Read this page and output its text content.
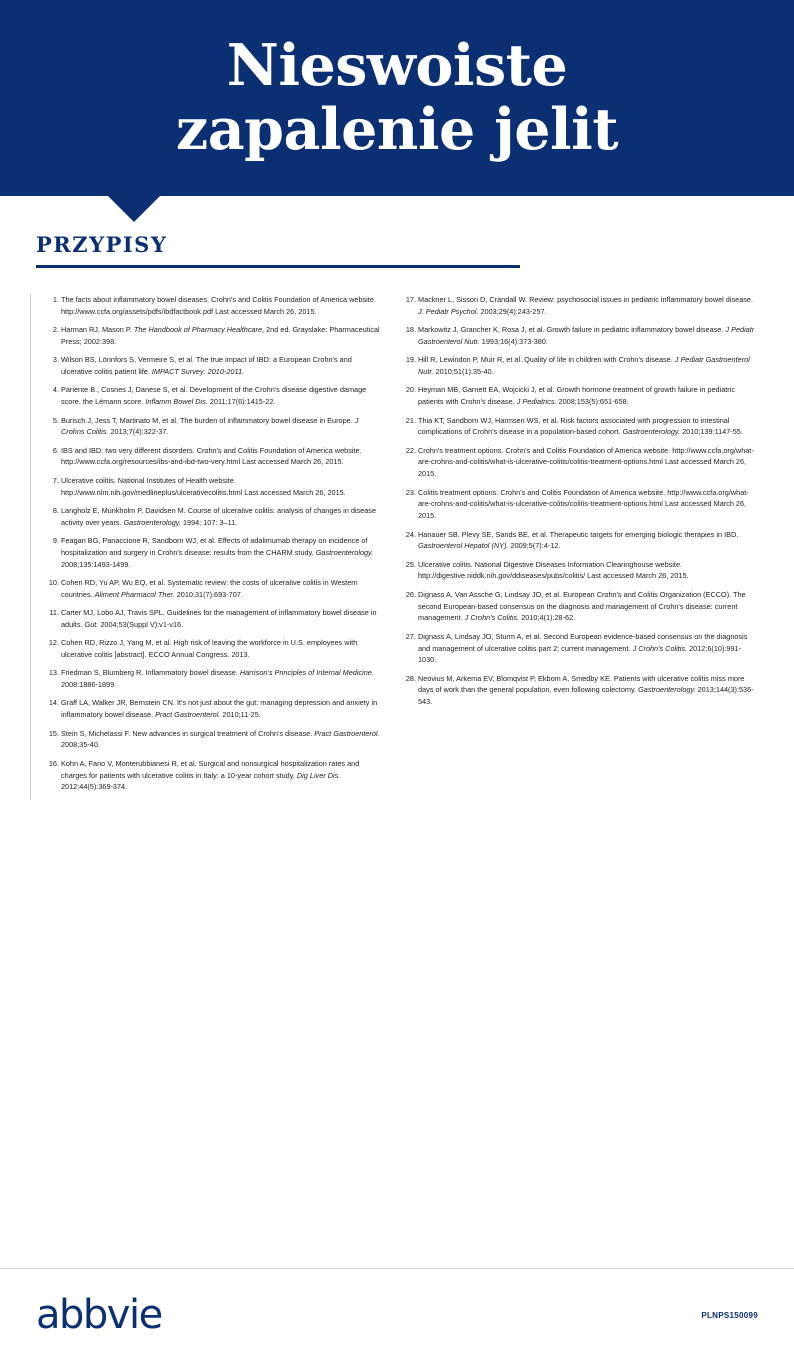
Nieswoiste
zapalenie jelit
PRZYPISY
1. The facts about inflammatory bowel diseases. Crohn's and Colitis Foundation of America website. http://www.ccfa.org/assets/pdfs/ibdfactbook.pdf Last accessed March 26, 2015.
2. Harman RJ, Mason P. The Handbook of Pharmacy Healthcare, 2nd ed. Grayslake: Pharmaceutical Press; 2002:398.
3. Wilson BS, Lönnfors S, Vermeire S, et al. The true impact of IBD: a European Crohn's and ulcerative colitis patient life. IMPACT Survey: 2010-2011.
4. Pariente B., Cosnes J, Danese S, et al. Development of the Crohn's disease digestive damage score, the Lémann score. Inflamm Bowel Dis. 2011;17(6):1415-22.
5. Burisch J, Jess T, Martinato M, et al. The burden of inflammatory bowel disease in Europe. J Crohns Colitis. 2013;7(4):322-37.
6. IBS and IBD: two very different disorders. Crohn's and Colitis Foundation of America website. http://www.ccfa.org/resources/ibs-and-ibd-two-very.html Last accessed March 26, 2015.
7. Ulcerative colitis. National Institutes of Health website. http://www.nlm.nih.gov/medlineplus/ulcerativecolitis.html Last accessed March 26, 2015.
8. Langholz E, Munkholm P, Davidsen M. Course of ulcerative colitis: analysis of changes in disease activity over years. Gastroenterology. 1994; 107: 3–11.
9. Feagan BG, Panaccione R, Sandborn WJ, et al. Effects of adalimumab therapy on incidence of hospitalization and surgery in Crohn's disease: results from the CHARM study. Gastroenterology. 2008;135:1493-1499.
10. Cohen RD, Yu AP, Wu EQ, et al. Systematic review: the costs of ulcerative colitis in Western countries. Aliment Pharmacol Ther. 2010;31(7):693-707.
11. Carter MJ, Lobo AJ, Travis SPL. Guidelines for the management of inflammatory bowel disease in adults. Gut. 2004;53(Suppl V):v1-v16.
12. Cohen RD, Rizzo J, Yang M, et al. High risk of leaving the workforce in U.S. employees with ulcerative colitis [abstract]. ECCO Annual Congress. 2013.
13. Friedman S, Blumberg R. Inflammatory bowel disease. Harrison's Principles of Internal Medicine. 2008:1886-1899.
14. Graff LA, Walker JR, Bernstein CN. It's not just about the gut: managing depression and anxiety in inflammatory bowel disease. Pract Gastroenterol. 2010;11-25.
15. Stein S, Michelassi F. New advances in surgical treatment of Crohn's disease. Pract Gastroenterol. 2008;35-40.
16. Kohn A, Fano V, Monterubbianesi R, et al. Surgical and nonsurgical hospitalization rates and charges for patients with ulcerative colitis in Italy: a 10-year cohort study. Dig Liver Dis. 2012:44(5):369-374.
17. Mackner L, Sisson D, Crandall W. Review: psychosocial issues in pediatric inflammatory bowel disease. J. Pediatr Psychol. 2003;29(4):243-257.
18. Markowitz J, Grancher K, Rosa J, et al. Growth failure in pediatric inflammatory bowel disease. J Pediatr Gastroenterol Nutr. 1993;16(4):373-380.
19. Hill R, Lewindon P, Muir R, et al. Quality of life in children with Crohn's disease. J Pediatr Gastroenterol Nutr. 2010;51(1):35-40.
20. Heyman MB, Garnett EA, Wojcicki J, et al. Growth hormone treatment of growth failure in pediatric patients with Crohn's disease. J Pediatrics. 2008;153(5):651-658.
21. Thia KT, Sandborn WJ, Harmsen WS, et al. Risk factors associated with progression to intestinal complications of Crohn's disease in a population-based cohort. Gastroenterology. 2010;139:1147-55.
22. Crohn's treatment options. Crohn's and Colitis Foundation of America website. http://www.ccfa.org/what-are-crohns-and-colitis/what-is-ulcerative-colitis/colitis-treatment-options.html Last accessed March 26, 2015.
23. Colitis treatment options. Crohn's and Colitis Foundation of America website. http://www.ccfa.org/what-are-crohns-and-colitis/what-is-ulcerative-colitis/colitis-treatment-options.html Last accessed March 26, 2015.
24. Hanauer SB, Plevy SE, Sands BE, et al. Therapeutic targets for emerging biologic therapies in IBD. Gastroenterol Hepatol (NY). 2009;5(7):4-12.
25. Ulcerative colitis. National Digestive Diseases Information Clearinghouse website. http://digestive.niddk.nih.gov/ddiseases/pubs/colitis/ Last accessed March 26, 2015.
26. Dignass A, Van Assche G, Lindsay JO, et al. European Crohn's and Colitis Organization (ECCO). The second European-based consensus on the diagnosis and management of Crohn's disease: current management. J Crohn's Colitis. 2010;4(1):28-62.
27. Dignass A, Lindsay JO, Sturm A, et al. Second European evidence-based consensus on the diagnosis and management of ulcerative colitis part 2: current management. J Crohn's Colitis. 2012;6(10):991-1030.
28. Neovius M, Arkema EV, Blomqvist P, Ekbom A, Smedby KE. Patients with ulcerative colitis miss more days of work than the general population, even following colectomy. Gastroenterology. 2013;144(3):536-543.
abbvie	PLNPS150099
